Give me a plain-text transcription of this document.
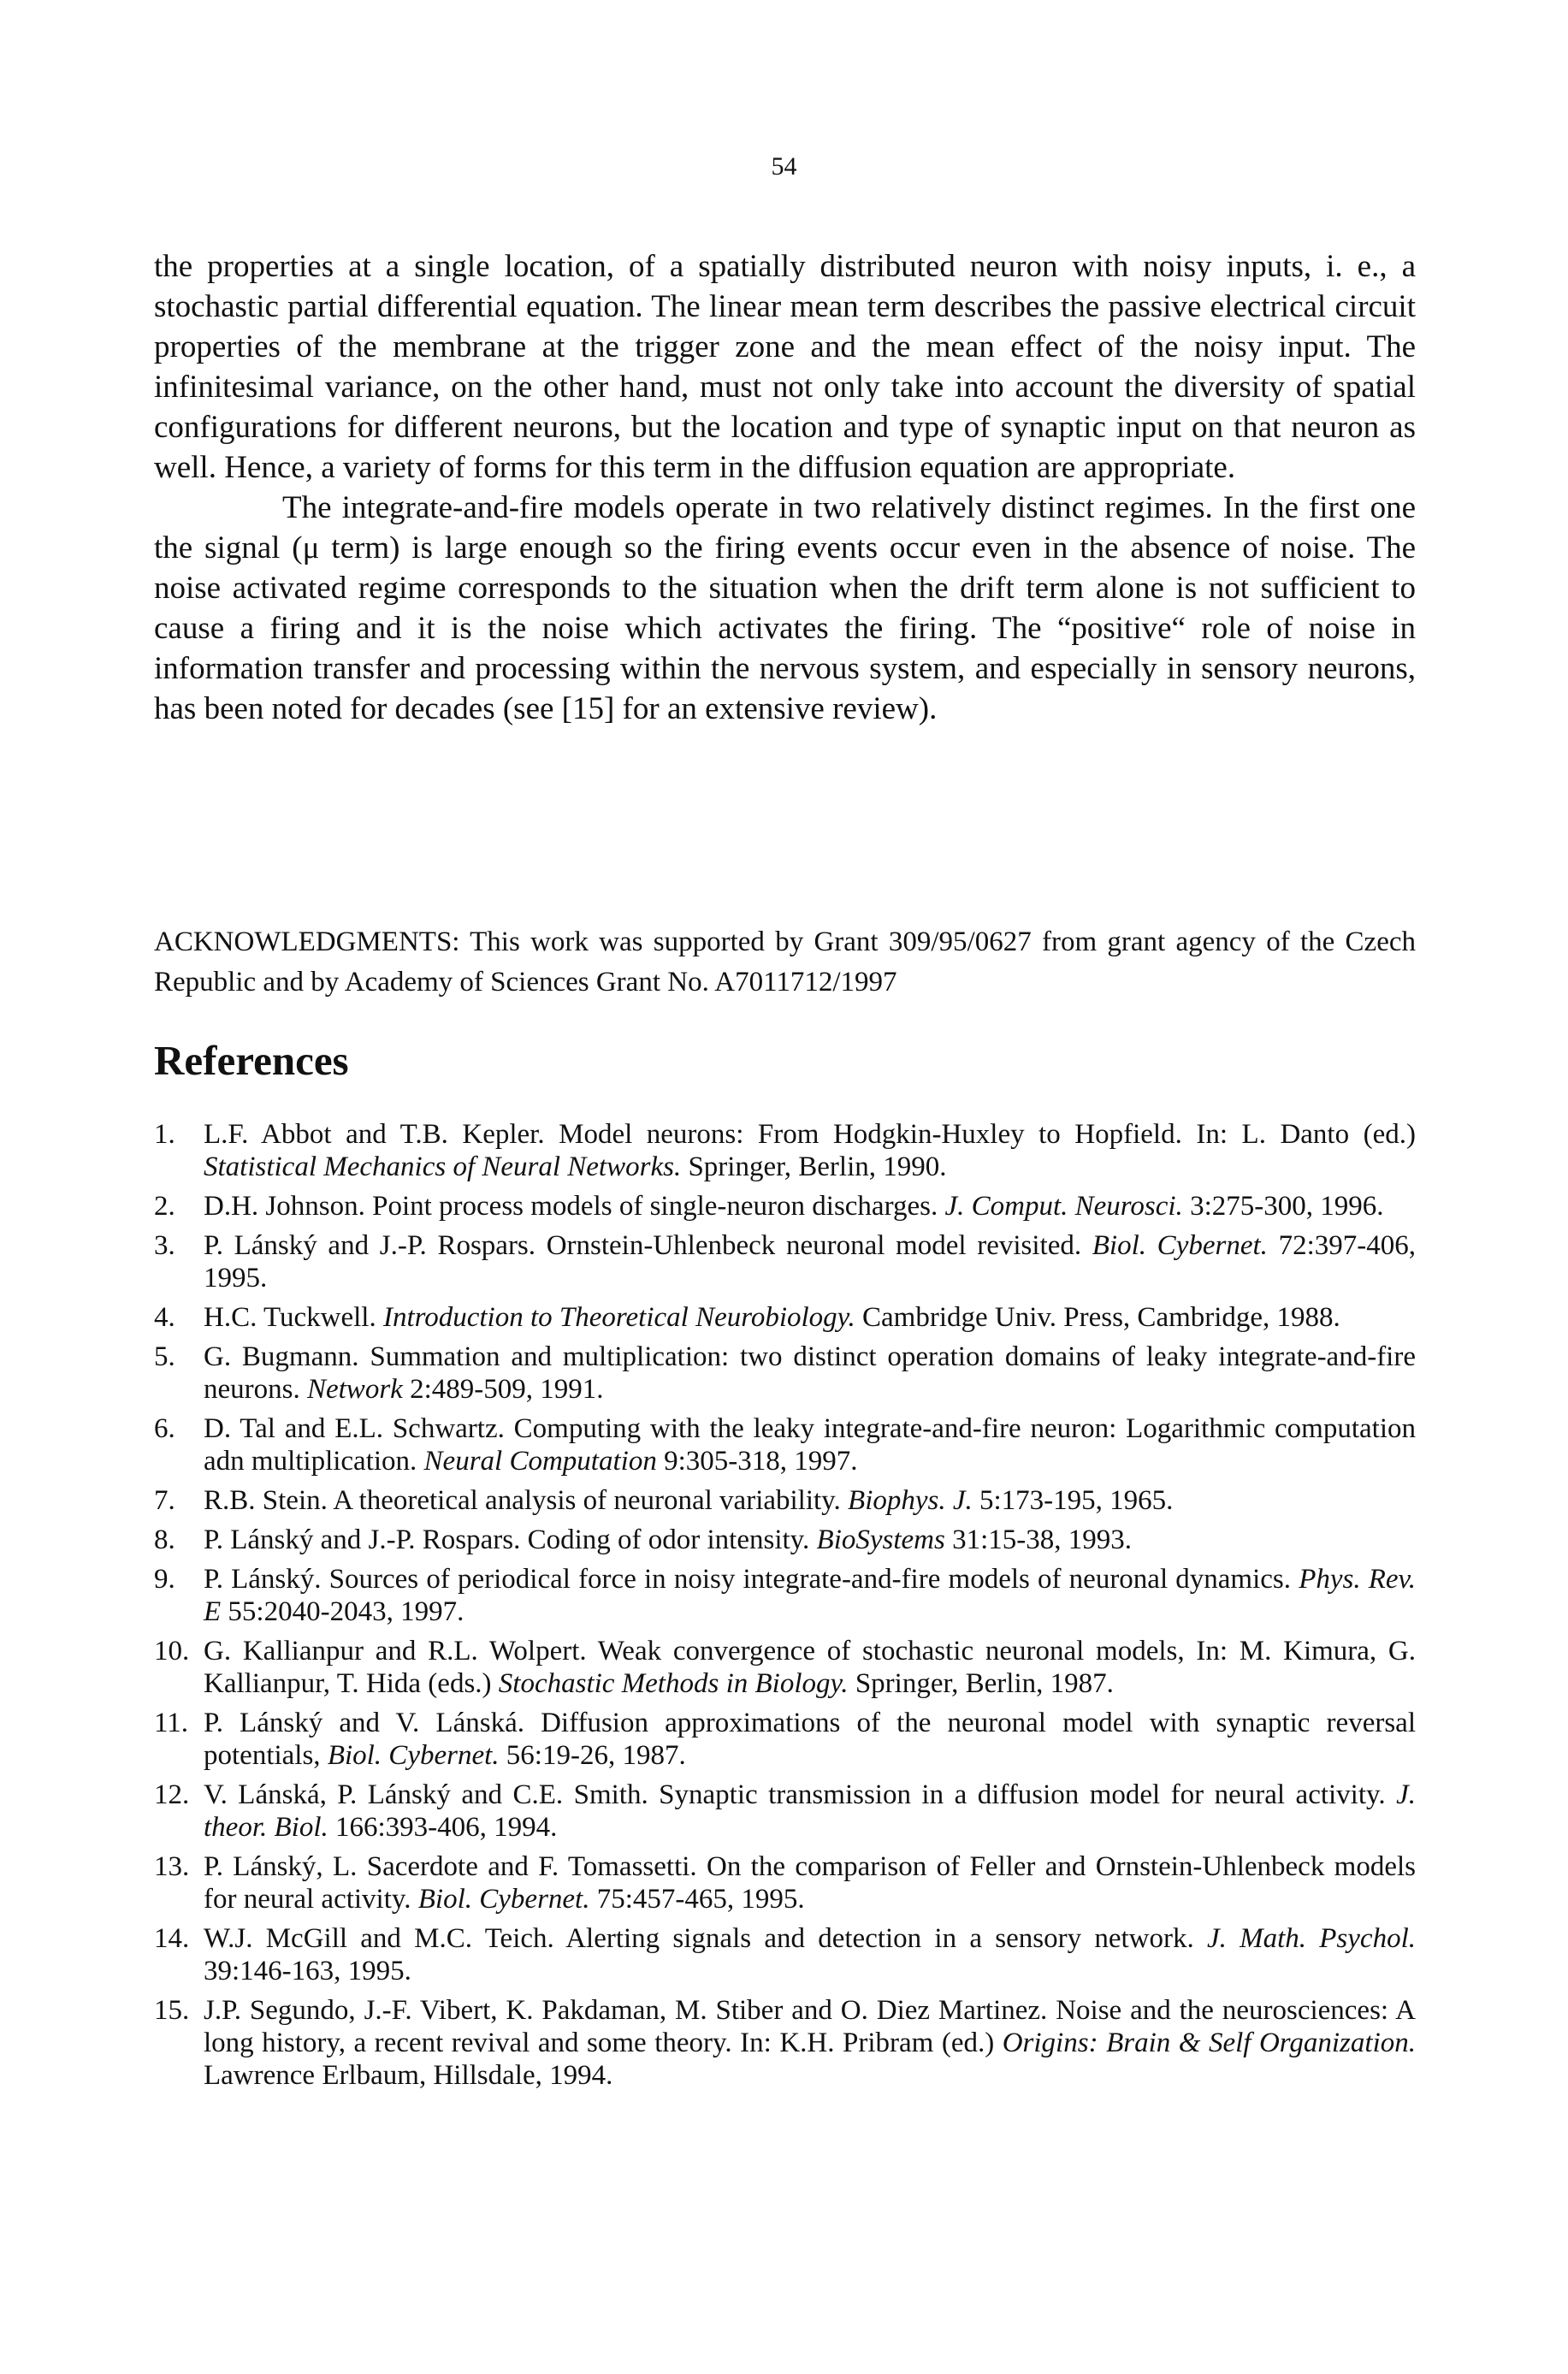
54

the properties at a single location, of a spatially distributed neuron with noisy inputs, i. e., a stochastic partial differential equation. The linear mean term describes the passive electrical circuit properties of the membrane at the trigger zone and the mean effect of the noisy input. The infinitesimal variance, on the other hand, must not only take into account the diversity of spatial configurations for different neurons, but the location and type of synaptic input on that neuron as well. Hence, a variety of forms for this term in the diffusion equation are appropriate.

The integrate-and-fire models operate in two relatively distinct regimes. In the first one the signal (μ term) is large enough so the firing events occur even in the absence of noise. The noise activated regime corresponds to the situation when the drift term alone is not sufficient to cause a firing and it is the noise which activates the firing. The “positive“ role of noise in information transfer and processing within the nervous system, and especially in sensory neurons, has been noted for decades (see [15] for an extensive review).

ACKNOWLEDGMENTS: This work was supported by Grant 309/95/0627 from grant agency of the Czech Republic and by Academy of Sciences Grant No. A7011712/1997

References
1.	L.F. Abbot and T.B. Kepler. Model neurons: From Hodgkin-Huxley to Hopfield. In: L. Danto (ed.) Statistical Mechanics of Neural Networks. Springer, Berlin, 1990.
2.	D.H. Johnson. Point process models of single-neuron discharges. J. Comput. Neurosci. 3:275-300, 1996.
3.	P. Lánský and J.-P. Rospars. Ornstein-Uhlenbeck neuronal model revisited. Biol. Cybernet. 72:397-406, 1995.
4.	H.C. Tuckwell. Introduction to Theoretical Neurobiology. Cambridge Univ. Press, Cambridge, 1988.
5.	G. Bugmann. Summation and multiplication: two distinct operation domains of leaky integrate-and-fire neurons. Network 2:489-509, 1991.
6.	D. Tal and E.L. Schwartz. Computing with the leaky integrate-and-fire neuron: Logarithmic computation adn multiplication. Neural Computation 9:305-318, 1997.
7.	R.B. Stein. A theoretical analysis of neuronal variability. Biophys. J. 5:173-195, 1965.
8.	P. Lánský and J.-P. Rospars. Coding of odor intensity. BioSystems 31:15-38, 1993.
9.	P. Lánský. Sources of periodical force in noisy integrate-and-fire models of neuronal dynamics. Phys. Rev. E 55:2040-2043, 1997.
10. G. Kallianpur and R.L. Wolpert. Weak convergence of stochastic neuronal models, In: M. Kimura, G. Kallianpur, T. Hida (eds.) Stochastic Methods in Biology. Springer, Berlin, 1987.
11. P. Lánský and V. Lánská. Diffusion approximations of the neuronal model with synaptic reversal potentials, Biol. Cybernet. 56:19-26, 1987.
12. V. Lánská, P. Lánský and C.E. Smith. Synaptic transmission in a diffusion model for neural activity. J. theor. Biol. 166:393-406, 1994.
13. P. Lánský, L. Sacerdote and F. Tomassetti. On the comparison of Feller and Ornstein-Uhlenbeck models for neural activity. Biol. Cybernet. 75:457-465, 1995.
14. W.J. McGill and M.C. Teich. Alerting signals and detection in a sensory network. J. Math. Psychol. 39:146-163, 1995.
15. J.P. Segundo, J.-F. Vibert, K. Pakdaman, M. Stiber and O. Diez Martinez. Noise and the neurosciences: A long history, a recent revival and some theory. In: K.H. Pribram (ed.) Origins: Brain & Self Organization. Lawrence Erlbaum, Hillsdale, 1994.
